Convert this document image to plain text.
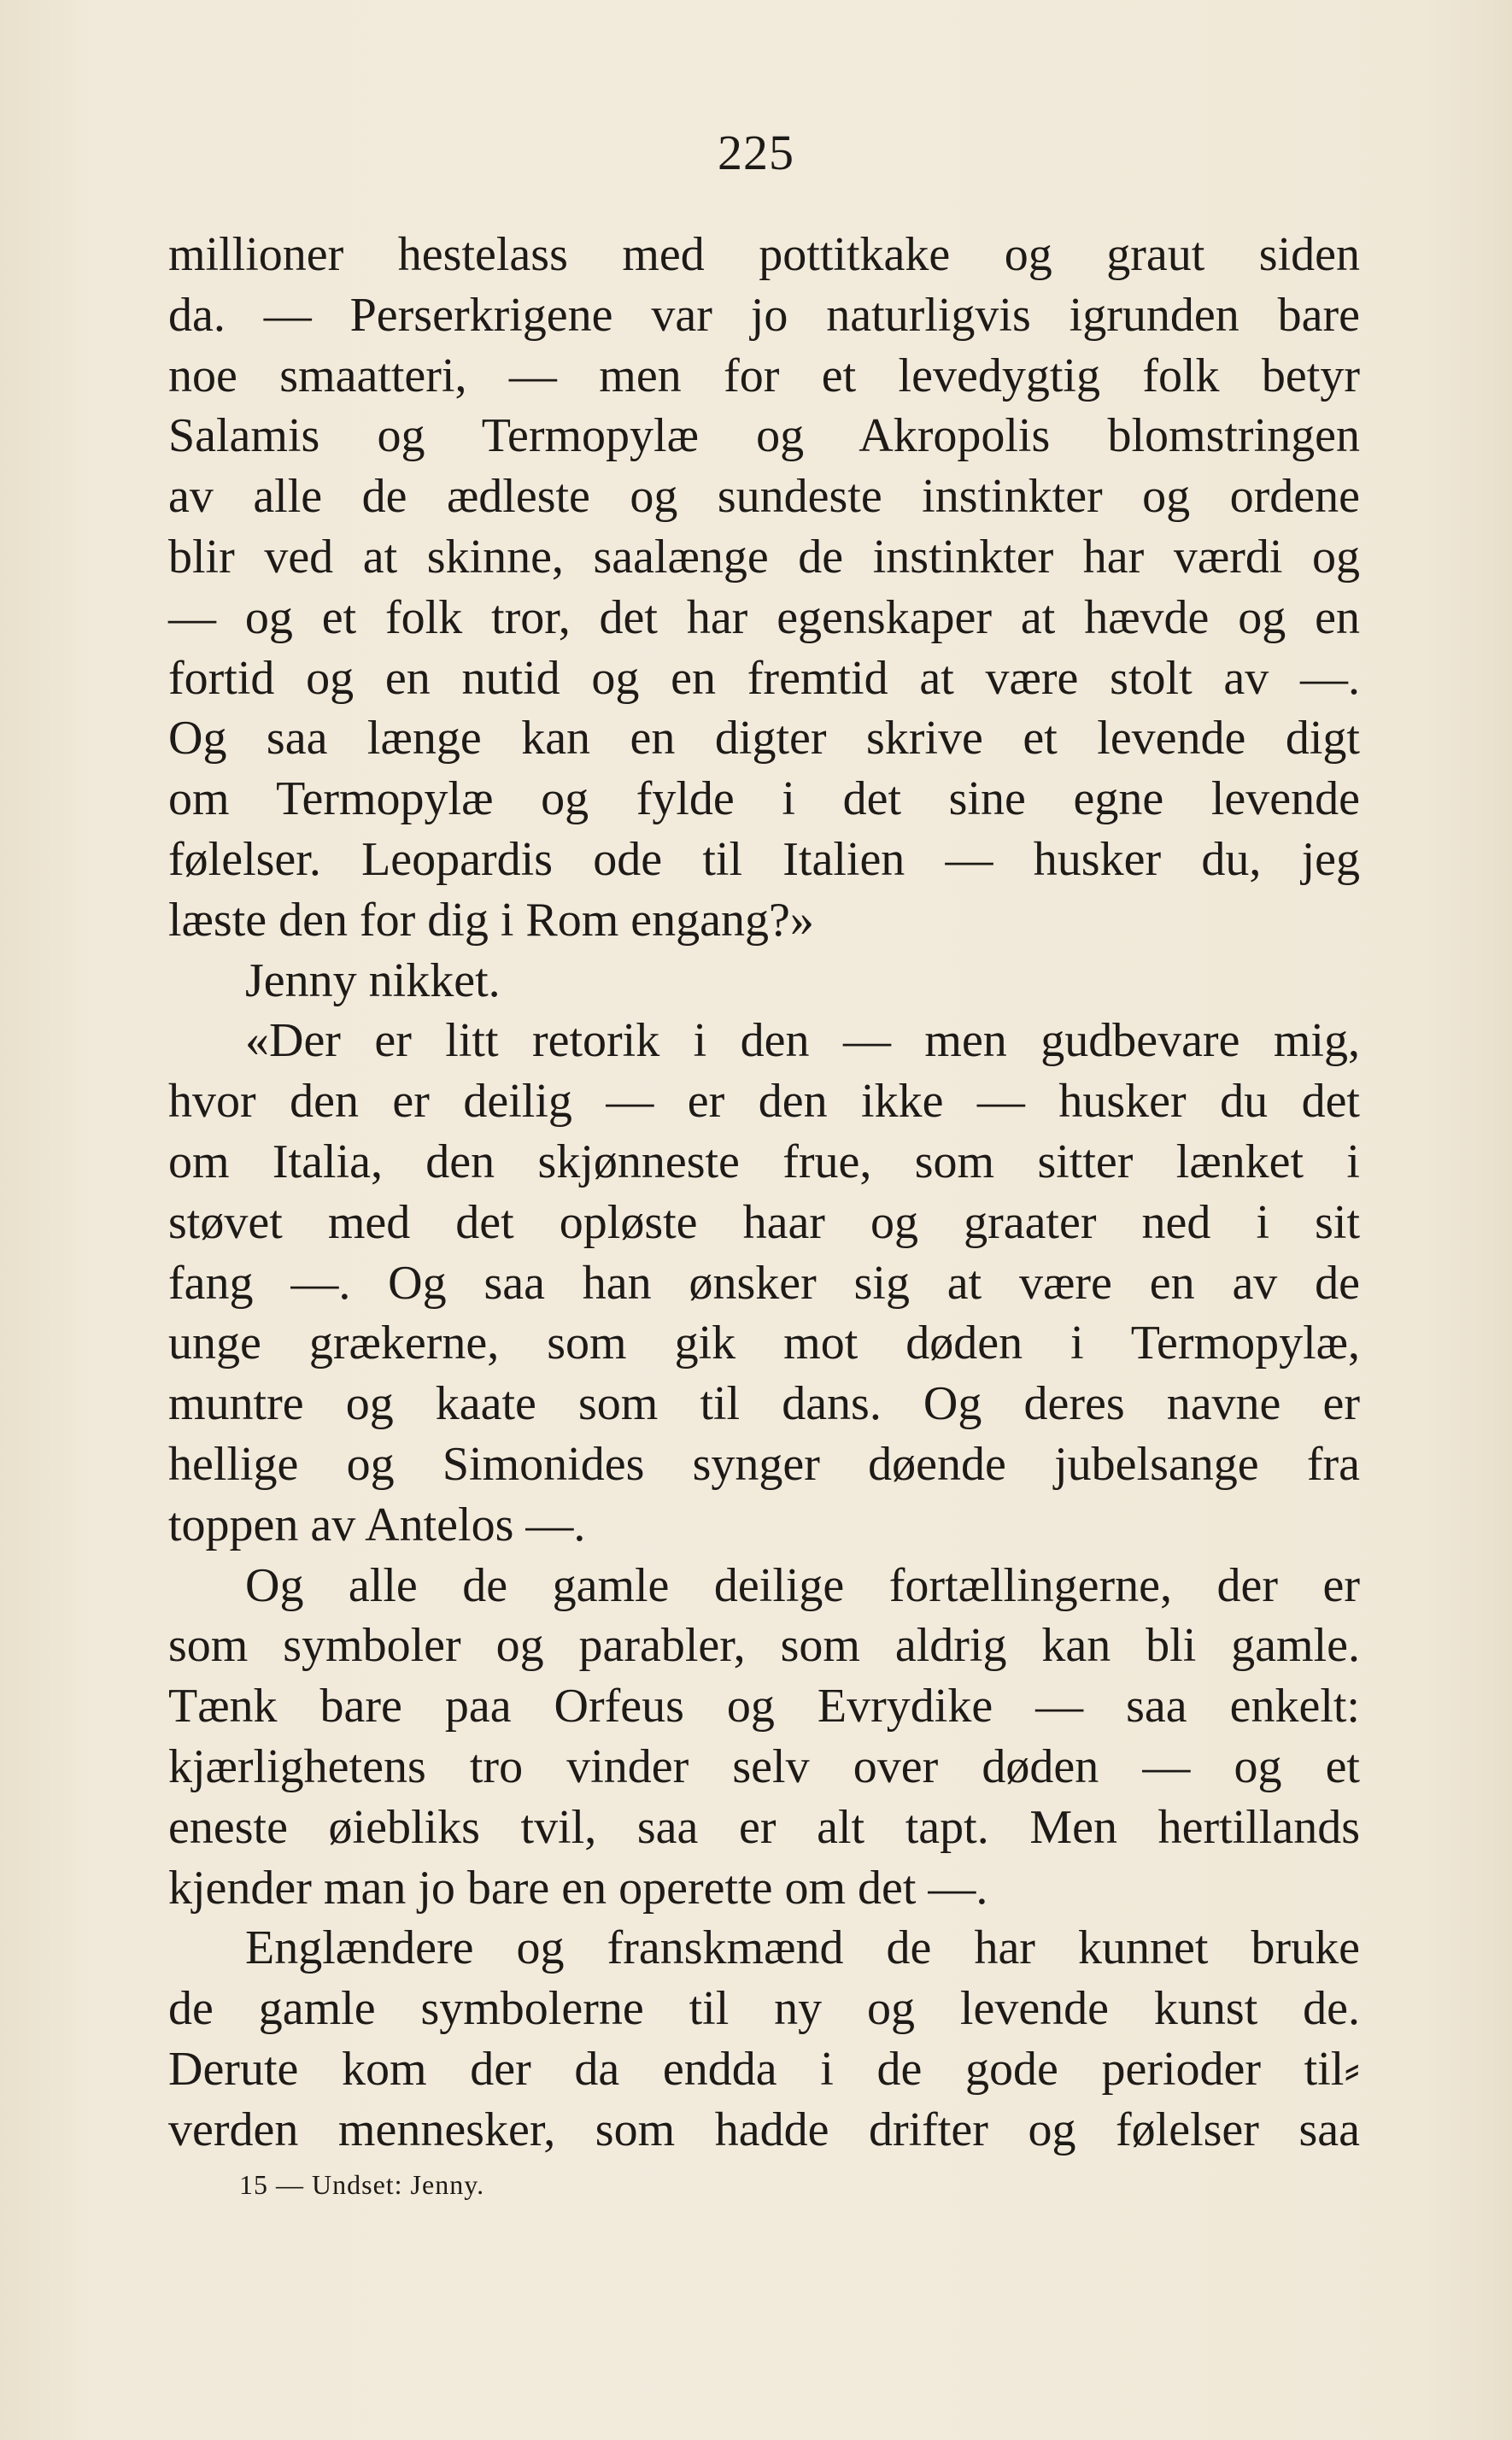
225
millioner hestelass med pottitkake og graut siden
da. — Perserkrigene var jo naturligvis igrunden bare
noe smaatteri, — men for et levedygtig folk betyr
Salamis og Termopylæ og Akropolis blomstringen
av alle de ædleste og sundeste instinkter og ordene
blir ved at skinne, saalænge de instinkter har værdi og
— og et folk tror, det har egenskaper at hævde og en
fortid og en nutid og en fremtid at være stolt av —.
Og saa længe kan en digter skrive et levende digt
om Termopylæ og fylde i det sine egne levende
følelser. Leopardis ode til Italien — husker du, jeg
læste den for dig i Rom engang?»
Jenny nikket.
«Der er litt retorik i den — men gudbevare mig,
hvor den er deilig — er den ikke — husker du det
om Italia, den skjønneste frue, som sitter lænket i
støvet med det opløste haar og graater ned i sit
fang —. Og saa han ønsker sig at være en av de
unge grækerne, som gik mot døden i Termopylæ,
muntre og kaate som til dans. Og deres navne er
hellige og Simonides synger døende jubelsange fra
toppen av Antelos —.
Og alle de gamle deilige fortællingerne, der er
som symboler og parabler, som aldrig kan bli gamle.
Tænk bare paa Orfeus og Evrydike — saa enkelt:
kjærlighetens tro vinder selv over døden — og et
eneste øiebliks tvil, saa er alt tapt. Men hertillands
kjender man jo bare en operette om det —.
Englændere og franskmænd de har kunnet bruke
de gamle symbolerne til ny og levende kunst de.
Derute kom der da endda i de gode perioder til⸗
verden mennesker, som hadde drifter og følelser saa
15 — Undset: Jenny.
